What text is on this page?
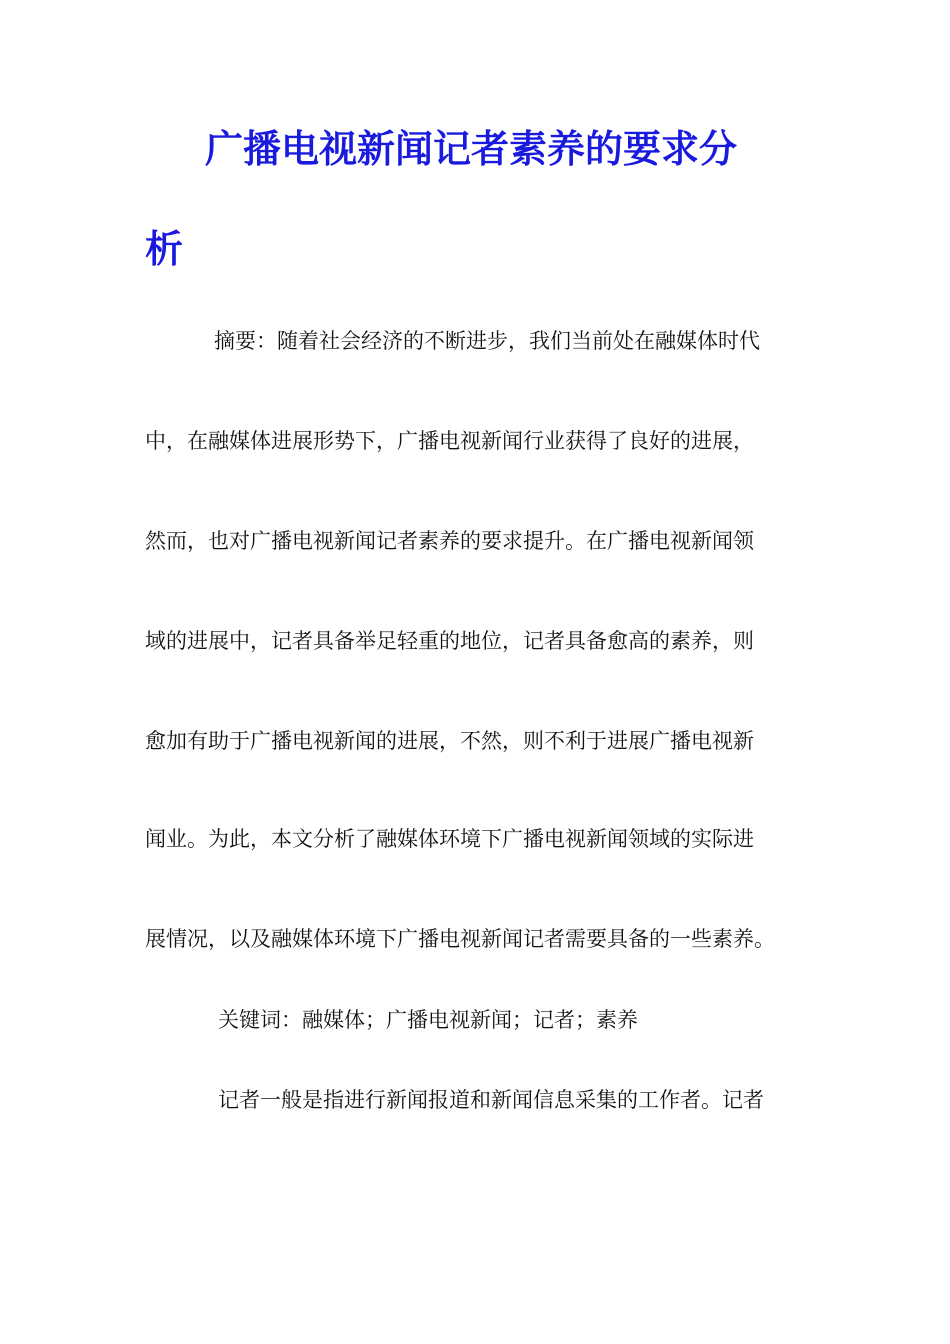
广播电视新闻记者素养的要求分
析

摘要：随着社会经济的不断进步，我们当前处在融媒体时代

中，在融媒体进展形势下，广播电视新闻行业获得了良好的进展，

然而，也对广播电视新闻记者素养的要求提升。在广播电视新闻领

域的进展中，记者具备举足轻重的地位，记者具备愈高的素养，则

愈加有助于广播电视新闻的进展，不然，则不利于进展广播电视新

闻业。为此，本文分析了融媒体环境下广播电视新闻领域的实际进

展情况，以及融媒体环境下广播电视新闻记者需要具备的一些素养。

关键词：融媒体；广播电视新闻；记者；素养

记者一般是指进行新闻报道和新闻信息采集的工作者。记者
